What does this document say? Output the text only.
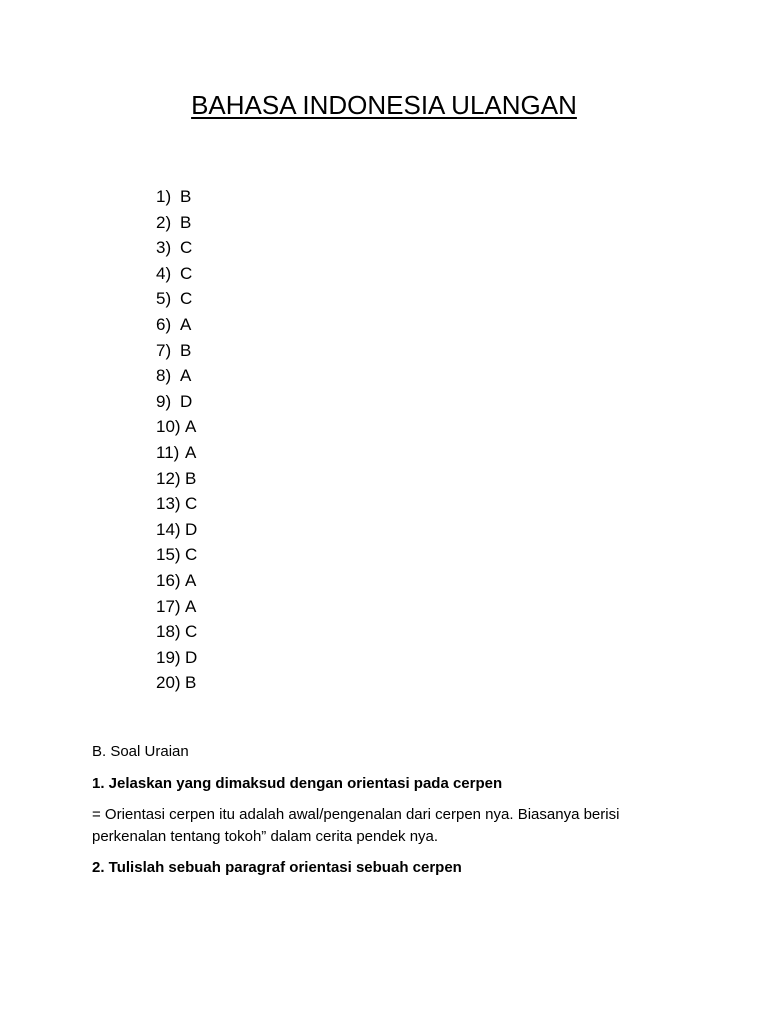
BAHASA INDONESIA ULANGAN
1) B
2) B
3) C
4) C
5) C
6) A
7) B
8) A
9) D
10) A
11) A
12) B
13) C
14) D
15) C
16) A
17) A
18) C
19) D
20) B

B. Soal Uraian

1. Jelaskan yang dimaksud dengan orientasi pada cerpen

= Orientasi cerpen itu adalah awal/pengenalan dari cerpen nya. Biasanya berisi
perkenalan tentang tokoh” dalam cerita pendek nya.

2. Tulislah sebuah paragraf orientasi sebuah cerpen
